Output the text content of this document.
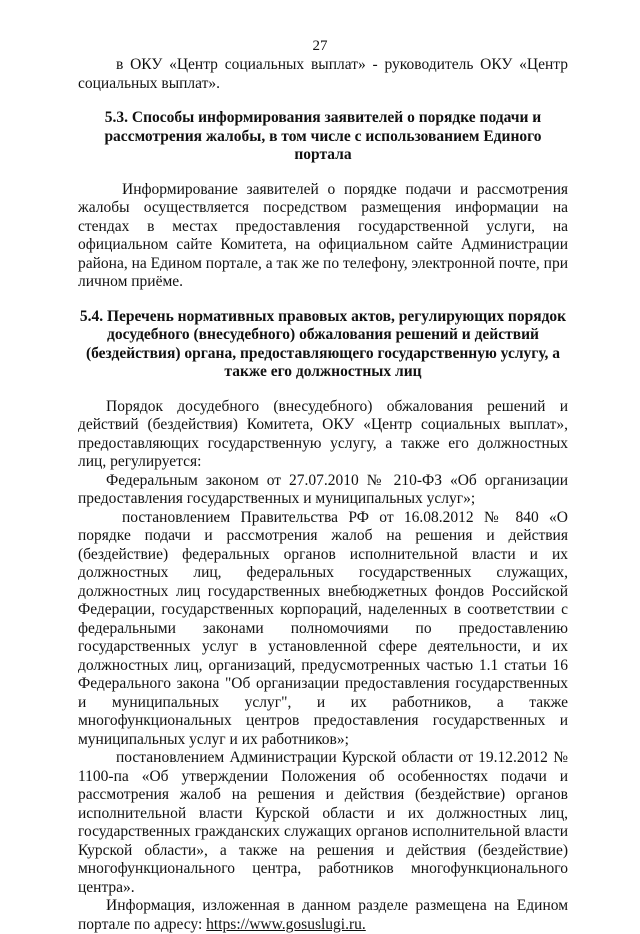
27

в ОКУ «Центр социальных выплат» - руководитель ОКУ «Центр социальных выплат».

5.3. Способы информирования заявителей о порядке подачи и рассмотрения жалобы, в том числе с использованием Единого портала

Информирование заявителей о порядке подачи и рассмотрения жалобы осуществляется посредством размещения информации на стендах в местах предоставления государственной услуги, на официальном сайте Комитета, на официальном сайте Администрации района, на Едином портале, а так же по телефону, электронной почте, при личном приёме.

5.4. Перечень нормативных правовых актов, регулирующих порядок досудебного (внесудебного) обжалования решений и действий (бездействия) органа, предоставляющего государственную услугу, а также его должностных лиц

Порядок досудебного (внесудебного) обжалования решений и действий (бездействия) Комитета, ОКУ «Центр социальных выплат», предоставляющих государственную услугу, а также его должностных лиц, регулируется:

Федеральным законом от 27.07.2010 № 210-ФЗ «Об организации предоставления государственных и муниципальных услуг»;

постановлением Правительства РФ от 16.08.2012 № 840 «О порядке подачи и рассмотрения жалоб на решения и действия (бездействие) федеральных органов исполнительной власти и их должностных лиц, федеральных государственных служащих, должностных лиц государственных внебюджетных фондов Российской Федерации, государственных корпораций, наделенных в соответствии с федеральными законами полномочиями по предоставлению государственных услуг в установленной сфере деятельности, и их должностных лиц, организаций, предусмотренных частью 1.1 статьи 16 Федерального закона "Об организации предоставления государственных и муниципальных услуг", и их работников, а также многофункциональных центров предоставления государственных и муниципальных услуг и их работников»;

постановлением Администрации Курской области от 19.12.2012 № 1100-па «Об утверждении Положения об особенностях подачи и рассмотрения жалоб на решения и действия (бездействие) органов исполнительной власти Курской области и их должностных лиц, государственных гражданских служащих органов исполнительной власти Курской области», а также на решения и действия (бездействие) многофункционального центра, работников многофункционального центра».

Информация, изложенная в данном разделе размещена на Едином портале по адресу: https://www.gosuslugi.ru.
